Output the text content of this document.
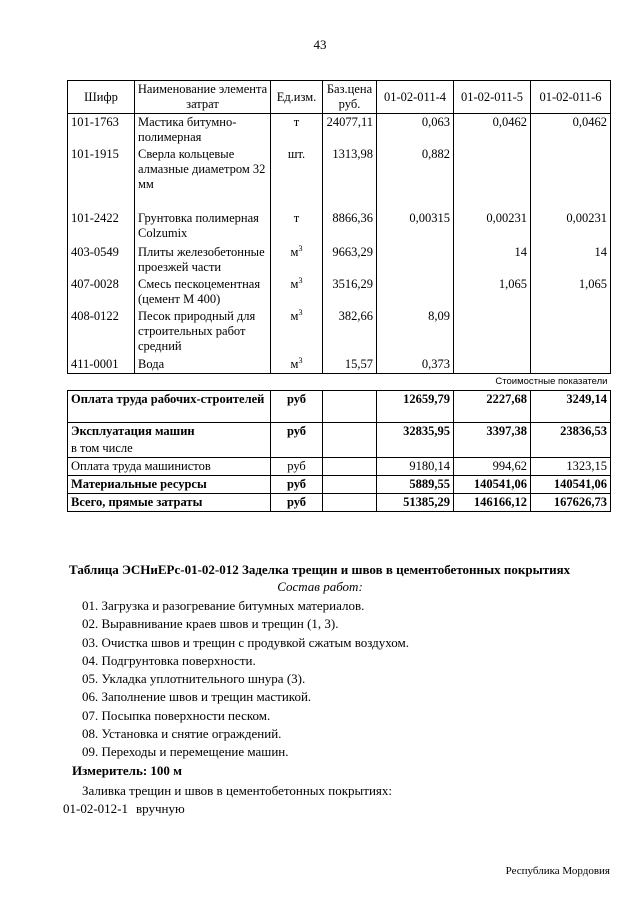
43
Шифр	Наименование элемента затрат	Ед.изм.	Баз.цена руб.	01-02-011-4	01-02-011-5	01-02-011-6
101-1763	Мастика битумно-полимерная	т	24077,11	0,063	0,0462	0,0462
101-1915	Сверла кольцевые алмазные диаметром 32 мм	шт.	1313,98	0,882		
101-2422	Грунтовка полимерная Colzumix	т	8866,36	0,00315	0,00231	0,00231
403-0549	Плиты железобетонные проезжей части	$м^3$	9663,29		14	14
407-0028	Смесь пескоцементная (цемент М 400)	$м^3$	3516,29		1,065	1,065
408-0122	Песок природный для строительных работ средний	$м^3$	382,66	8,09		
411-0001	Вода	$м^3$	15,57	0,373		
				Стоимостные показатели		
Оплата труда рабочих-строителей		руб		12659,79	2227,68	3249,14
Эксплуатация машин		руб		32835,95	3397,38	23836,53
в том числе						
Оплата труда машинистов		руб		9180,14	994,62	1323,15
Материальные ресурсы		руб		5889,55	140541,06	140541,06
Всего, прямые затраты		руб		51385,29	146166,12	167626,73
Таблица ЭСНиЕРс-01-02-012 Заделка трещин и швов в цементобетонных покрытиях
Состав работ:
01. Загрузка и разогревание битумных материалов.
02. Выравнивание краев швов и трещин (1, 3).
03. Очистка швов и трещин с продувкой сжатым воздухом.
04. Подгрунтовка поверхности.
05. Укладка уплотнительного шнура (3).
06. Заполнение швов и трещин мастикой.
07. Посыпка поверхности песком.
08. Установка и снятие ограждений.
09. Переходы и перемещение машин.
Измеритель: 100 м
Заливка трещин и швов в цементобетонных покрытиях:
01-02-012-1 вручную
Республика Мордовия
